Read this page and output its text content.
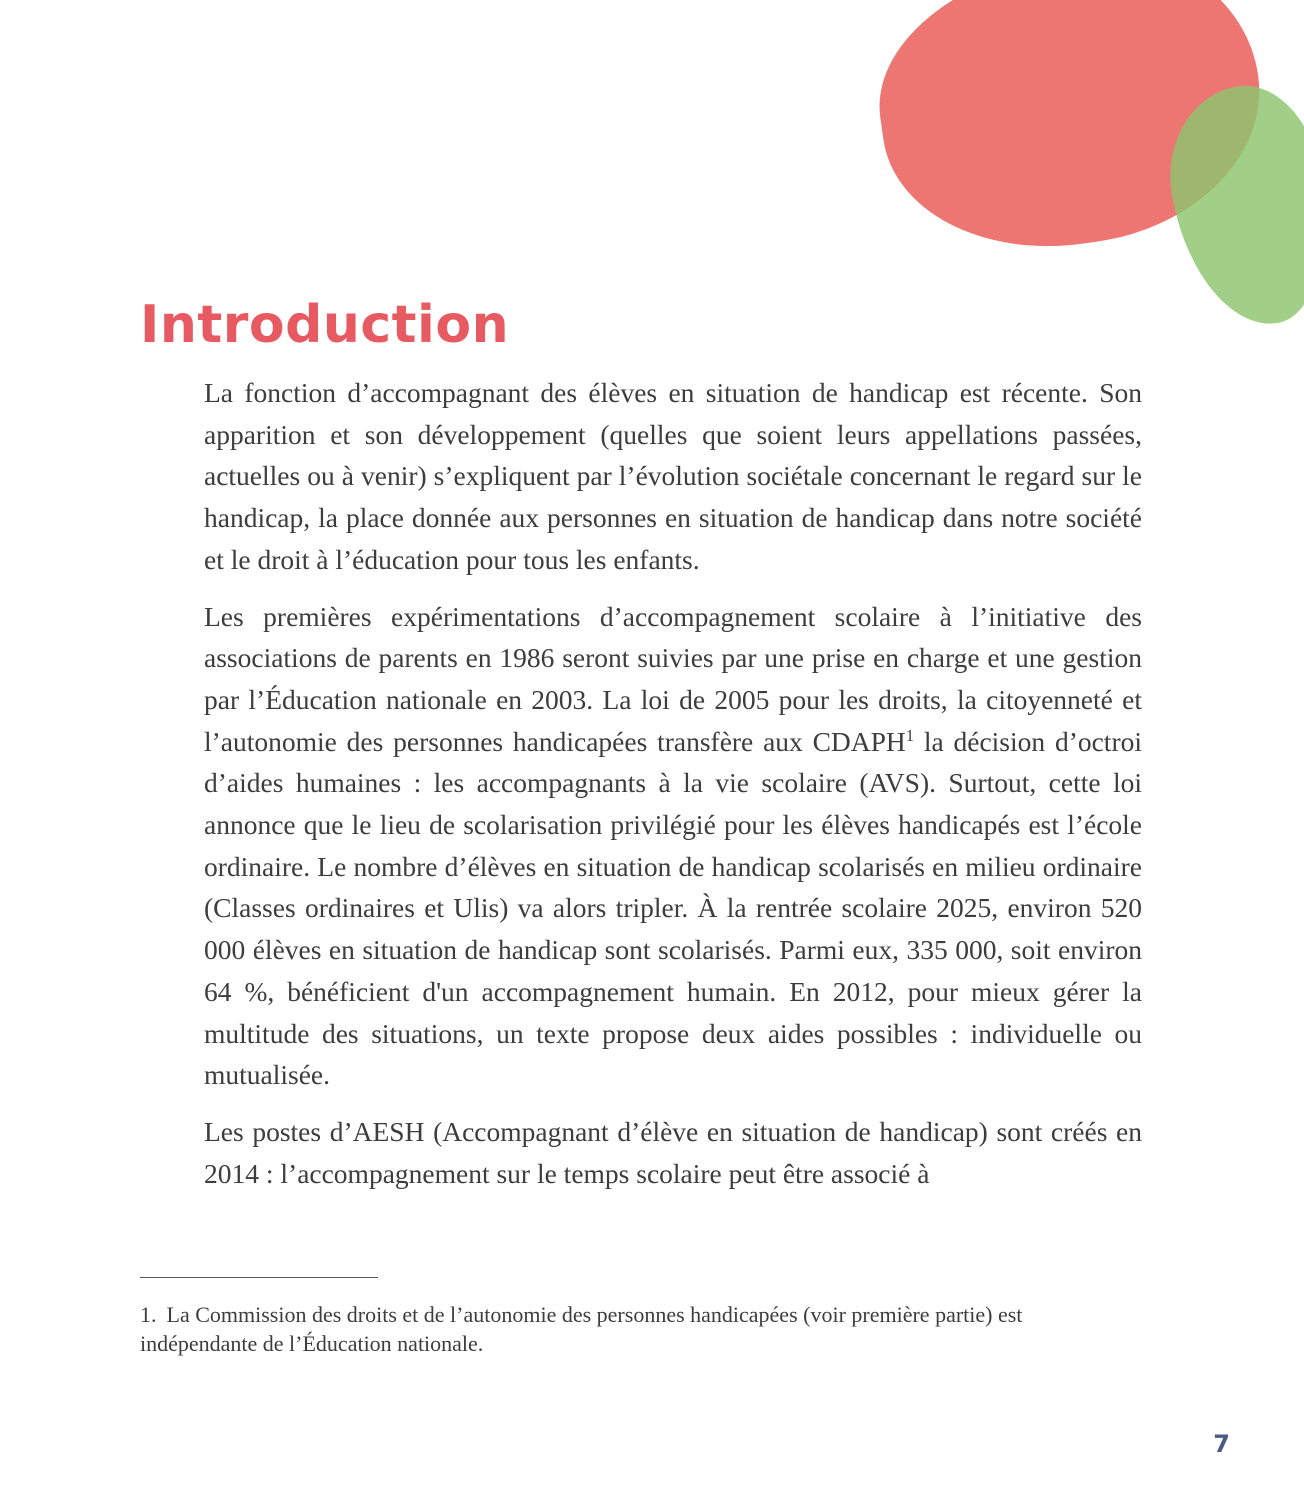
Introduction

La fonction d’accompagnant des élèves en situation de handicap est récente. Son apparition et son développement (quelles que soient leurs appellations passées, actuelles ou à venir) s’expliquent par l’évolution sociétale concernant le regard sur le handicap, la place donnée aux personnes en situation de handicap dans notre société et le droit à l’éducation pour tous les enfants.

Les premières expérimentations d’accompagnement scolaire à l’initiative des associations de parents en 1986 seront suivies par une prise en charge et une gestion par l’Éducation nationale en 2003. La loi de 2005 pour les droits, la citoyenneté et l’autonomie des personnes handicapées transfère aux CDAPH$^1$ la décision d’octroi d’aides humaines : les accompagnants à la vie scolaire (AVS). Surtout, cette loi annonce que le lieu de scolarisation privilégié pour les élèves handicapés est l’école ordinaire. Le nombre d’élèves en situation de handicap scolarisés en milieu ordinaire (Classes ordinaires et Ulis) va alors tripler. À la rentrée scolaire 2025, environ 520 000 élèves en situation de handicap sont scolarisés. Parmi eux, 335 000, soit environ 64 %, bénéficient d'un accompagnement humain. En 2012, pour mieux gérer la multitude des situations, un texte propose deux aides possibles : individuelle ou mutualisée.

Les postes d’AESH (Accompagnant d’élève en situation de handicap) sont créés en 2014 : l’accompagnement sur le temps scolaire peut être associé à

1. La Commission des droits et de l’autonomie des personnes handicapées (voir première partie) est indépendante de l’Éducation nationale.

7
